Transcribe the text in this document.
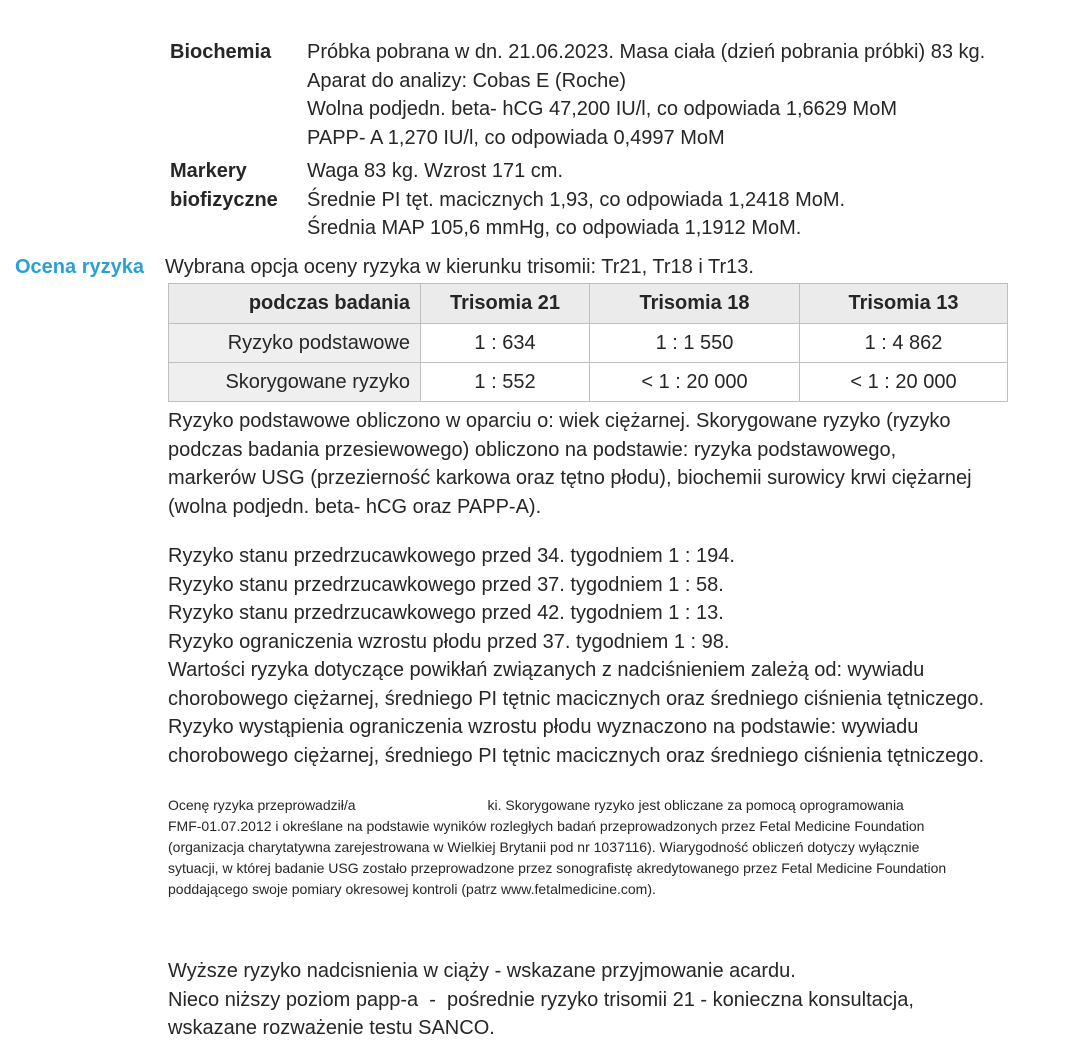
Biochemia	Próbka pobrana w dn. 21.06.2023. Masa ciała (dzień pobrania próbki) 83 kg.
Aparat do analizy: Cobas E (Roche)
Wolna podjedn. beta- hCG 47,200 IU/l, co odpowiada 1,6629 MoM
PAPP- A 1,270 IU/l, co odpowiada 0,4997 MoM
Markery
biofizyczne
Waga 83 kg. Wzrost 171 cm.
Średnie PI tęt. macicznych 1,93, co odpowiada 1,2418 MoM.
Średnia MAP 105,6 mmHg, co odpowiada 1,1912 MoM.
Ocena ryzyka	Wybrana opcja oceny ryzyka w kierunku trisomii: Tr21, Tr18 i Tr13.
podczas badania	Trisomia 21	Trisomia 18	Trisomia 13
Ryzyko podstawowe	1 : 634	1 : 1 550	1 : 4 862
Skorygowane ryzyko	1 : 552	< 1 : 20 000	< 1 : 20 000
Ryzyko podstawowe obliczono w oparciu o: wiek ciężarnej. Skorygowane ryzyko (ryzyko
podczas badania przesiewowego) obliczono na podstawie: ryzyka podstawowego,
markerów USG (przezierność karkowa oraz tętno płodu), biochemii surowicy krwi ciężarnej
(wolna podjedn. beta- hCG oraz PAPP-A).
Ryzyko stanu przedrzucawkowego przed 34. tygodniem 1 : 194.
Ryzyko stanu przedrzucawkowego przed 37. tygodniem 1 : 58.
Ryzyko stanu przedrzucawkowego przed 42. tygodniem 1 : 13.
Ryzyko ograniczenia wzrostu płodu przed 37. tygodniem 1 : 98.
Wartości ryzyka dotyczące powikłań związanych z nadciśnieniem zależą od: wywiadu
chorobowego ciężarnej, średniego PI tętnic macicznych oraz średniego ciśnienia tętniczego.
Ryzyko wystąpienia ograniczenia wzrostu płodu wyznaczono na podstawie: wywiadu
chorobowego ciężarnej, średniego PI tętnic macicznych oraz średniego ciśnienia tętniczego.
Ocenę ryzyka przeprowadził/a	ki. Skorygowane ryzyko jest obliczane za pomocą oprogramowania
FMF-01.07.2012 i określane na podstawie wyników rozległych badań przeprowadzonych przez Fetal Medicine Foundation
(organizacja charytatywna zarejestrowana w Wielkiej Brytanii pod nr 1037116). Wiarygodność obliczeń dotyczy wyłącznie
sytuacji, w której badanie USG zostało przeprowadzone przez sonografistę akredytowanego przez Fetal Medicine Foundation
poddającego swoje pomiary okresowej kontroli (patrz www.fetalmedicine.com).
Wyższe ryzyko nadcisnienia w ciąży - wskazane przyjmowanie acardu.
Nieco niższy poziom papp-a  -  pośrednie ryzyko trisomii 21 - konieczna konsultacja,
wskazane rozważenie testu SANCO.
